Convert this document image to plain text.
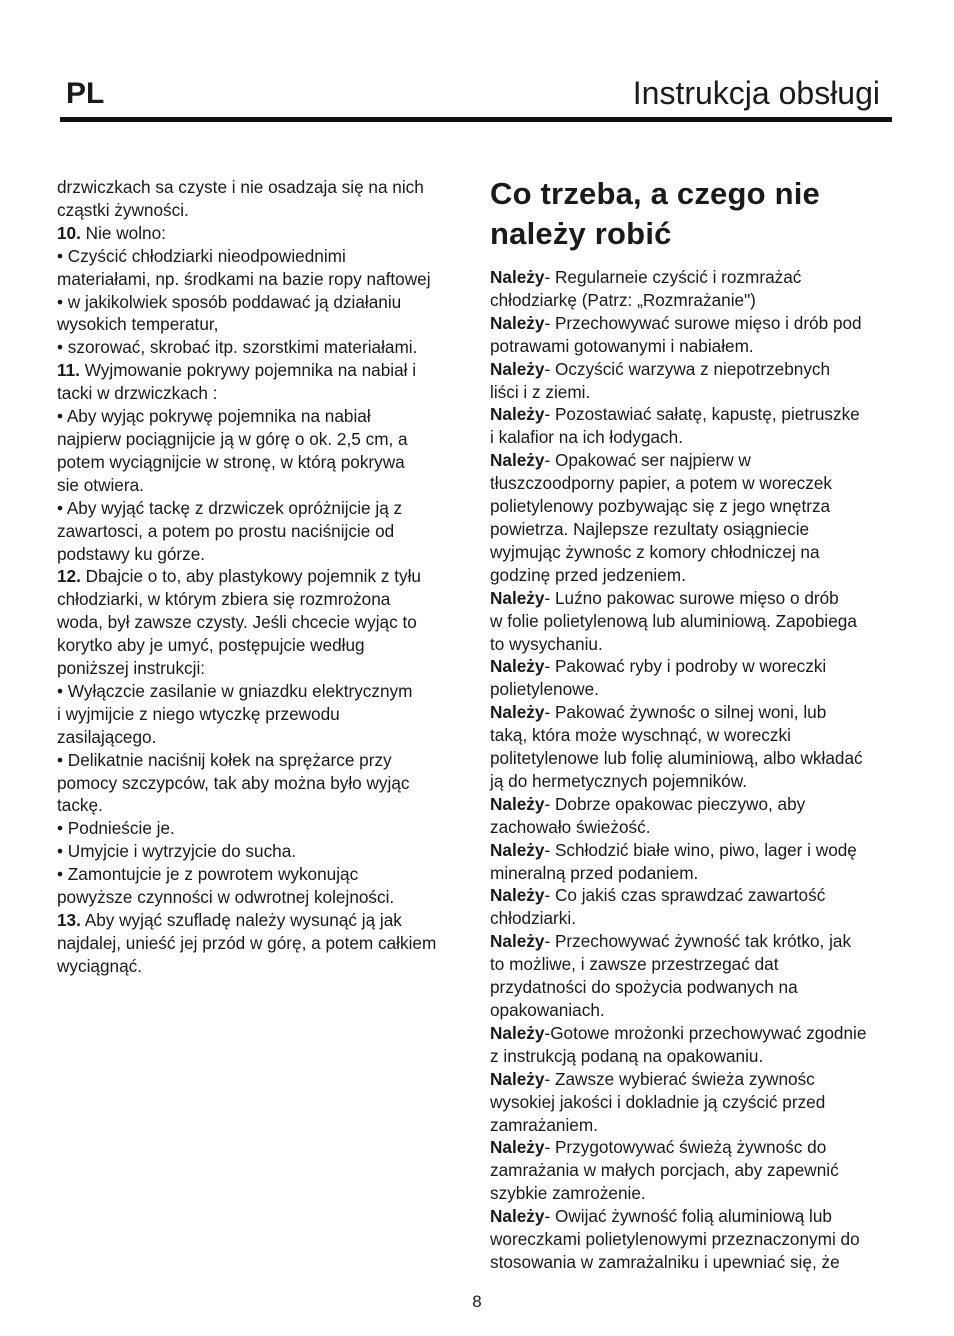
PL	Instrukcja obsługi

drzwiczkach sa czyste i nie osadzaja się na nich

cząstki żywności.

10. Nie wolno:

• Czyścić chłodziarki nieodpowiednimi

materiałami, np. środkami na bazie ropy naftowej

• w jakikolwiek sposób poddawać ją działaniu

wysokich temperatur,

• szorować, skrobać itp. szorstkimi materiałami.

11. Wyjmowanie pokrywy pojemnika na nabiał i

tacki w drzwiczkach :

• Aby wyjąc pokrywę pojemnika na nabiał

najpierw pociągnijcie ją w górę o ok. 2,5 cm, a

potem wyciągnijcie w stronę, w którą pokrywa

sie otwiera.

• Aby wyjąć tackę z drzwiczek opróżnijcie ją z

zawartosci, a potem po prostu naciśnijcie od

podstawy ku górze.

12. Dbajcie o to, aby plastykowy pojemnik z tyłu

chłodziarki, w którym zbiera się rozmrożona

woda, był zawsze czysty. Jeśli chcecie wyjąc to

korytko aby je umyć, postępujcie według

poniższej instrukcji:

• Wyłączcie zasilanie w gniazdku elektrycznym

i wyjmijcie z niego wtyczkę przewodu

zasilającego.

• Delikatnie naciśnij kołek na sprężarce przy

pomocy szczypców, tak aby można było wyjąc

tackę.

• Podnieście je.

• Umyjcie i wytrzyjcie do sucha.

• Zamontujcie je z powrotem wykonując

powyższe czynności w odwrotnej kolejności.

13. Aby wyjąć szufladę należy wysunąć ją jak

najdalej, unieść jej przód w górę, a potem całkiem

wyciągnąć.

Co trzeba, a czego nie
należy robić

Należy- Regularneie czyścić i rozmrażać

chłodziarkę (Patrz: „Rozmrażanie")

Należy- Przechowywać surowe mięso i drób pod

potrawami gotowanymi i nabiałem.

Należy- Oczyścić warzywa z niepotrzebnych

liści i z ziemi.

Należy- Pozostawiać sałatę, kapustę, pietruszke

i kalafior na ich łodygach.

Należy- Opakować ser najpierw w

tłuszczoodporny papier, a potem w woreczek

polietylenowy pozbywając się z jego wnętrza

powietrza. Najlepsze rezultaty osiągniecie

wyjmując żywnośc z komory chłodniczej na

godzinę przed jedzeniem.

Należy- Luźno pakowac surowe mięso o drób

w folie polietylenową lub aluminiową. Zapobiega

to wysychaniu.

Należy- Pakować ryby i podroby w woreczki

polietylenowe.

Należy- Pakować żywnośc o silnej woni, lub

taką, która może wyschnąć, w woreczki

politetylenowe lub folię aluminiową, albo wkładać

ją do hermetycznych pojemników.

Należy- Dobrze opakowac pieczywo, aby

zachowało świeżość.

Należy- Schłodzić białe wino, piwo, lager i wodę

mineralną przed podaniem.

Należy- Co jakiś czas sprawdzać zawartość

chłodziarki.

Należy- Przechowywać żywność tak krótko, jak

to możliwe, i zawsze przestrzegać dat

przydatności do spożycia podwanych na

opakowaniach.

Należy-Gotowe mrożonki przechowywać zgodnie

z instrukcją podaną na opakowaniu.

Należy- Zawsze wybierać świeża zywnośc

wysokiej jakości i dokladnie ją czyścić przed

zamrażaniem.

Należy- Przygotowywać świeżą żywnośc do

zamrażania w małych porcjach, aby zapewnić

szybkie zamrożenie.

Należy- Owijać żywność folią aluminiową lub

woreczkami polietylenowymi przeznaczonymi do

stosowania w zamrażalniku i upewniać się, że

8
